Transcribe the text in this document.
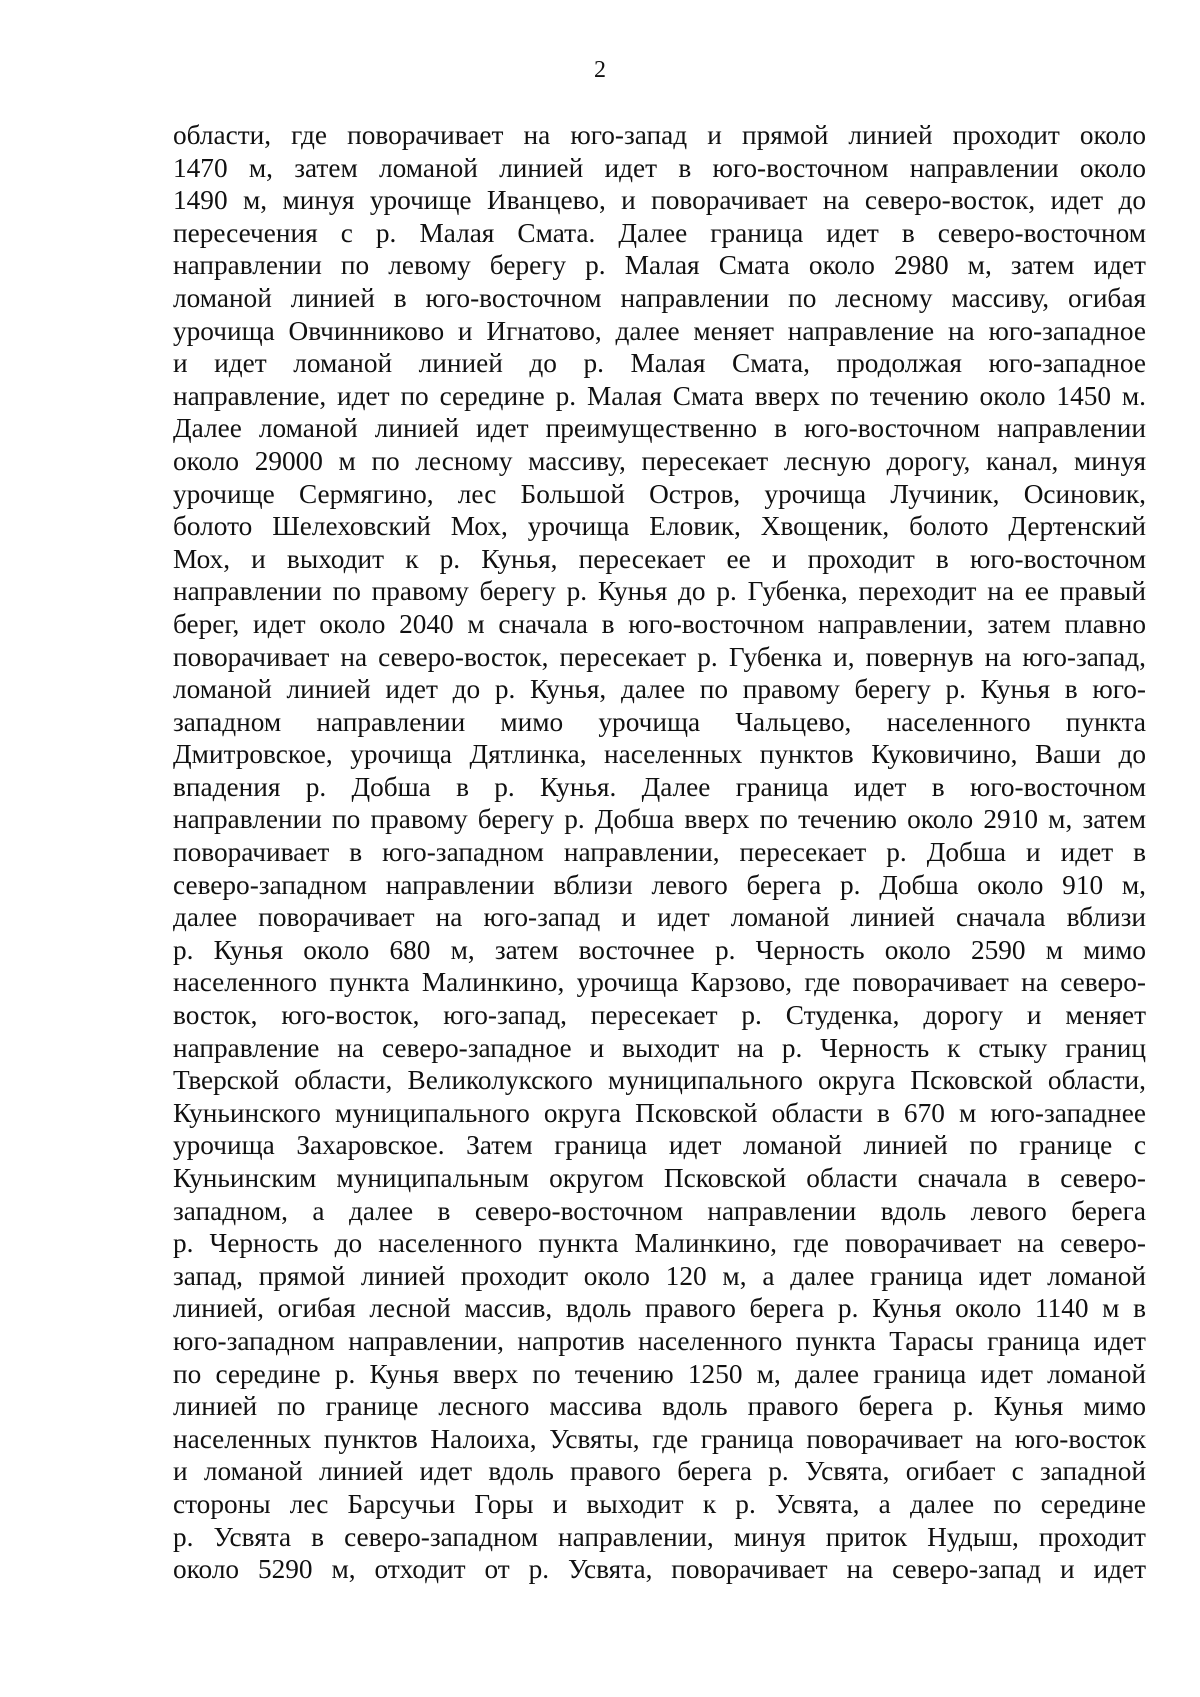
2
области, где поворачивает на юго-запад и прямой линией проходит около
1470 м, затем ломаной линией идет в юго-восточном направлении около
1490 м, минуя урочище Иванцево, и поворачивает на северо-восток, идет до
пересечения с р. Малая Смата. Далее граница идет в северо-восточном
направлении по левому берегу р. Малая Смата около 2980 м, затем идет
ломаной линией в юго-восточном направлении по лесному массиву, огибая
урочища Овчинниково и Игнатово, далее меняет направление на юго-западное
и идет ломаной линией до р. Малая Смата, продолжая юго-западное
направление, идет по середине р. Малая Смата вверх по течению около 1450 м.
Далее ломаной линией идет преимущественно в юго-восточном направлении
около 29000 м по лесному массиву, пересекает лесную дорогу, канал, минуя
урочище Сермягино, лес Большой Остров, урочища Лучиник, Осиновик,
болото Шелеховский Мох, урочища Еловик, Хвощеник, болото Дертенский
Мох, и выходит к р. Кунья, пересекает ее и проходит в юго-восточном
направлении по правому берегу р. Кунья до р. Губенка, переходит на ее правый
берег, идет около 2040 м сначала в юго-восточном направлении, затем плавно
поворачивает на северо-восток, пересекает р. Губенка и, повернув на юго-запад,
ломаной линией идет до р. Кунья, далее по правому берегу р. Кунья в юго-
западном направлении мимо урочища Чальцево, населенного пункта
Дмитровское, урочища Дятлинка, населенных пунктов Куковичино, Ваши до
впадения р. Добша в р. Кунья. Далее граница идет в юго-восточном
направлении по правому берегу р. Добша вверх по течению около 2910 м, затем
поворачивает в юго-западном направлении, пересекает р. Добша и идет в
северо-западном направлении вблизи левого берега р. Добша около 910 м,
далее поворачивает на юго-запад и идет ломаной линией сначала вблизи
р. Кунья около 680 м, затем восточнее р. Черность около 2590 м мимо
населенного пункта Малинкино, урочища Карзово, где поворачивает на северо-
восток, юго-восток, юго-запад, пересекает р. Студенка, дорогу и меняет
направление на северо-западное и выходит на р. Черность к стыку границ
Тверской области, Великолукского муниципального округа Псковской области,
Куньинского муниципального округа Псковской области в 670 м юго-западнее
урочища Захаровское. Затем граница идет ломаной линией по границе с
Куньинским муниципальным округом Псковской области сначала в северо-
западном, а далее в северо-восточном направлении вдоль левого берега
р. Черность до населенного пункта Малинкино, где поворачивает на северо-
запад, прямой линией проходит около 120 м, а далее граница идет ломаной
линией, огибая лесной массив, вдоль правого берега р. Кунья около 1140 м в
юго-западном направлении, напротив населенного пункта Тарасы граница идет
по середине р. Кунья вверх по течению 1250 м, далее граница идет ломаной
линией по границе лесного массива вдоль правого берега р. Кунья мимо
населенных пунктов Налоиха, Усвяты, где граница поворачивает на юго-восток
и ломаной линией идет вдоль правого берега р. Усвята, огибает с западной
стороны лес Барсучьи Горы и выходит к р. Усвята, а далее по середине
р. Усвята в северо-западном направлении, минуя приток Нудыш, проходит
около 5290 м, отходит от р. Усвята, поворачивает на северо-запад и идет
